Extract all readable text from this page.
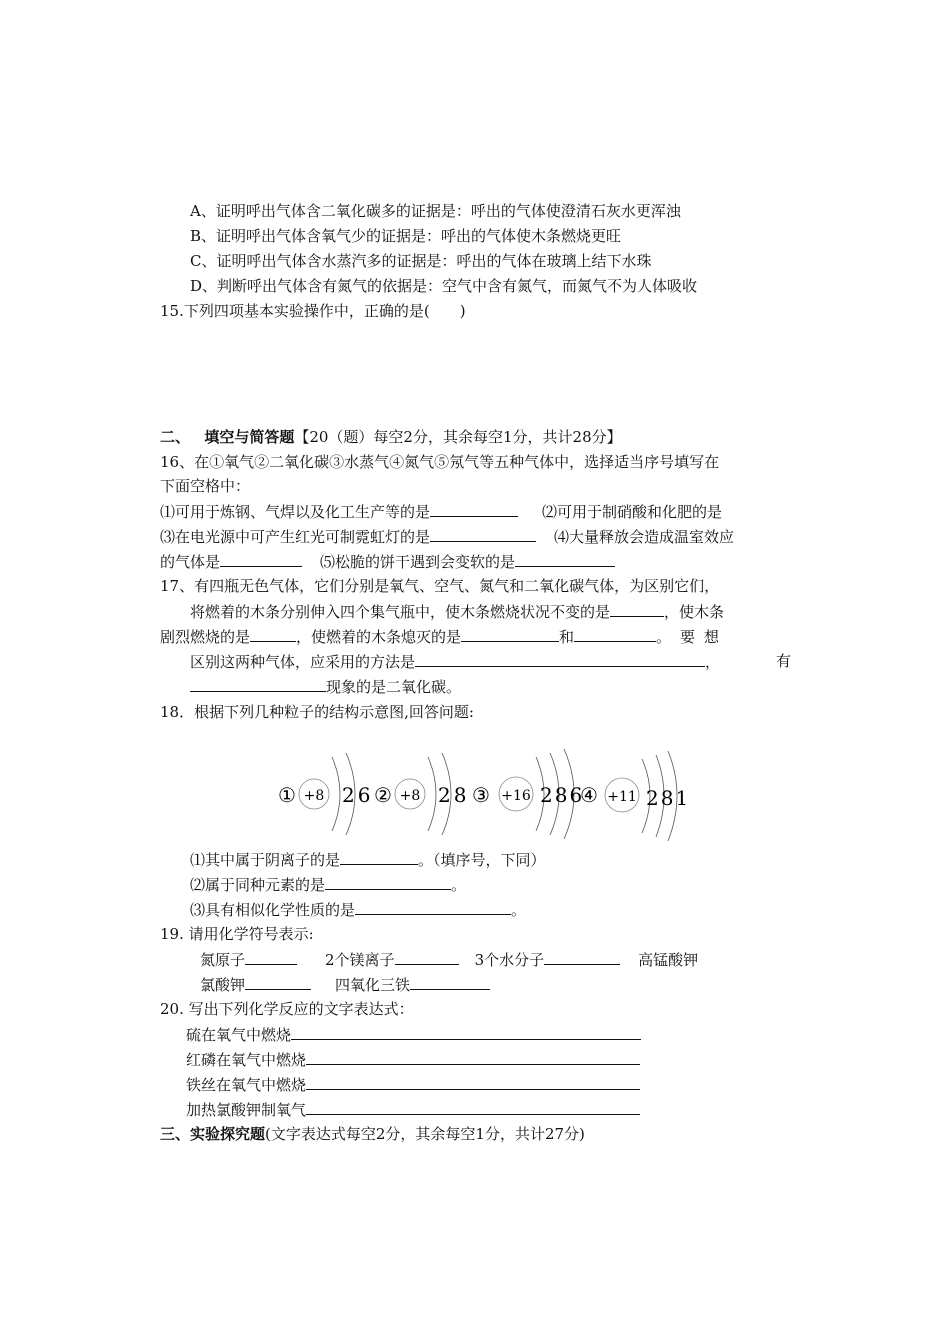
A、证明呼出气体含二氧化碳多的证据是：呼出的气体使澄清石灰水更浑浊
B、证明呼出气体含氧气少的证据是：呼出的气体使木条燃烧更旺
C、证明呼出气体含水蒸汽多的证据是：呼出的气体在玻璃上结下水珠
D、判断呼出气体含有氮气的依据是：空气中含有氮气，而氮气不为人体吸收
15.下列四项基本实验操作中，正确的是(　　)
二、 填空与简答题【20（题）每空2分，其余每空1分，共计28分】
16、在①氧气②二氧化碳③水蒸气④氮气⑤氖气等五种气体中，选择适当序号填写在
下面空格中：
⑴可用于炼钢、气焊以及化工生产等的是	⑵可用于制硝酸和化肥的是
⑶在电光源中可产生红光可制霓虹灯的是	⑷大量释放会造成温室效应
的气体是	⑸松脆的饼干遇到会变软的是
17、有四瓶无色气体，它们分别是氧气、空气、氮气和二氧化碳气体，为区别它们，
将燃着的木条分别伸入四个集气瓶中，使木条燃烧状况不变的是	，使木条
剧烈燃烧的是	，使燃着的木条熄灭的是	和	。要想
区别这两种气体，应采用的方法是	，	有
现象的是二氧化碳。
18．根据下列几种粒子的结构示意图,回答问题:
① +8 26 ② +8 28 ③ +16 286
④ +11 281
⑴其中属于阴离子的是	。（填序号，下同）
⑵属于同种元素的是	。
⑶具有相似化学性质的是	。
19. 请用化学符号表示:
氮原子	2个镁离子	3个水分子	高锰酸钾
氯酸钾	四氧化三铁
20. 写出下列化学反应的文字表达式：
硫在氧气中燃烧
红磷在氧气中燃烧
铁丝在氧气中燃烧
加热氯酸钾制氧气
三、实验探究题(文字表达式每空2分，其余每空1分，共计27分)
